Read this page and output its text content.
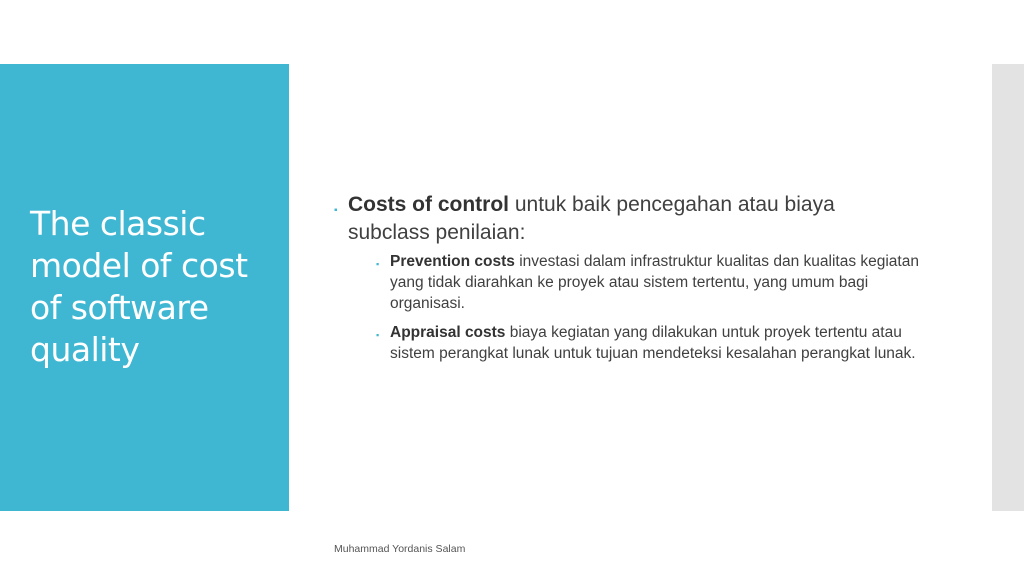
The classic model of cost of software quality
▪ Costs of control untuk baik pencegahan atau biaya subclass penilaian:
▪ Prevention costs investasi dalam infrastruktur kualitas dan kualitas kegiatan yang tidak diarahkan ke proyek atau sistem tertentu, yang umum bagi organisasi.
▪ Appraisal costs biaya kegiatan yang dilakukan untuk proyek tertentu atau sistem perangkat lunak untuk tujuan mendeteksi kesalahan perangkat lunak.
Muhammad Yordanis Salam
